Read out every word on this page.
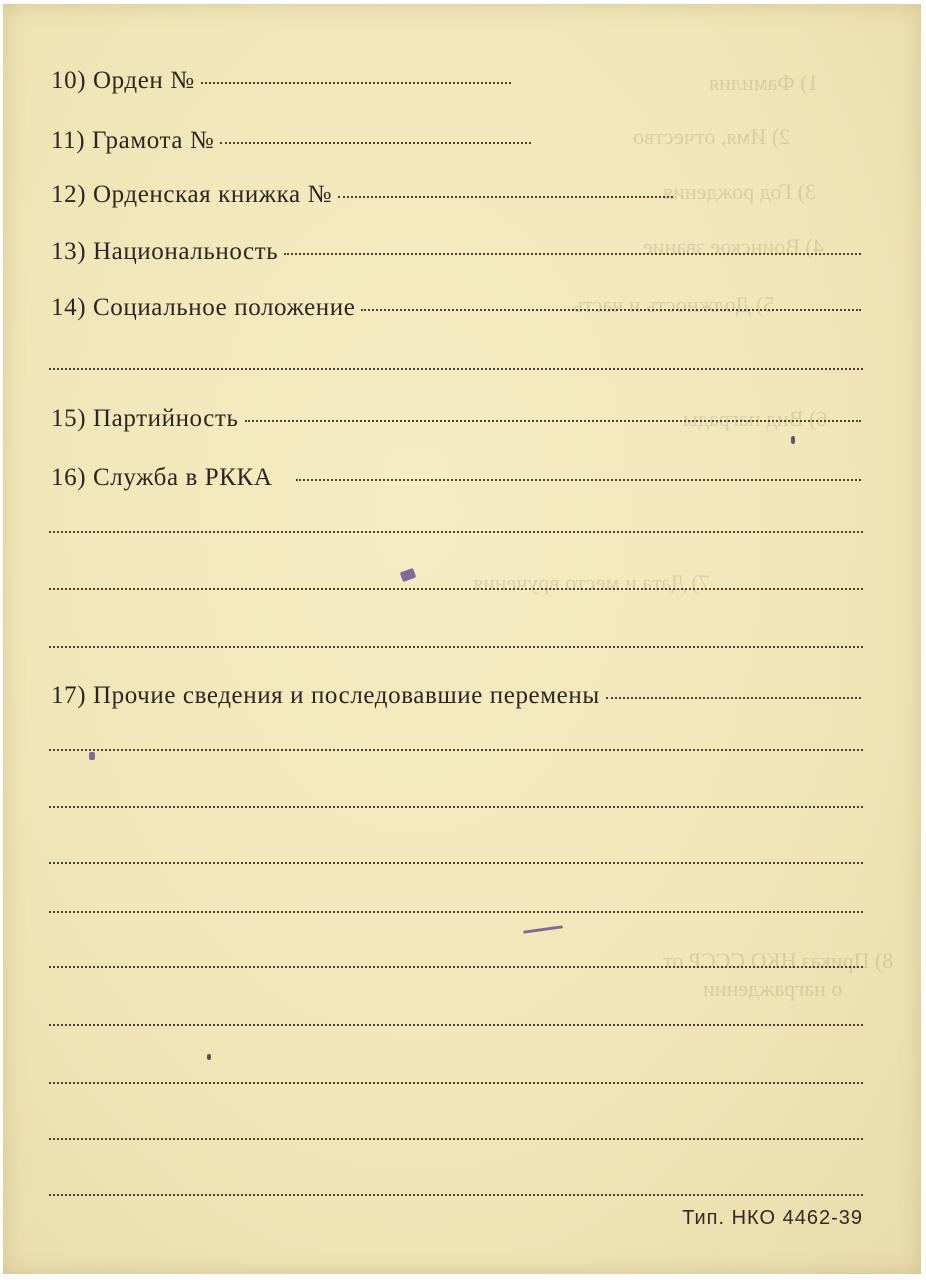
1) Фамилия
2) Имя, отчество
3) Год рождения
4) Воинское звание
5) Должность и часть
6) Вид награды
7) Дата и место вручения
8) Приказ НКО СССР от
о награждении
10) Орден №
11) Грамота №
12) Орденская книжка №
13) Национальность
14) Социальное положение
15) Партийность
16) Служба в РККА
17) Прочие сведения и последовавшие перемены
Тип. НКО 4462-39
